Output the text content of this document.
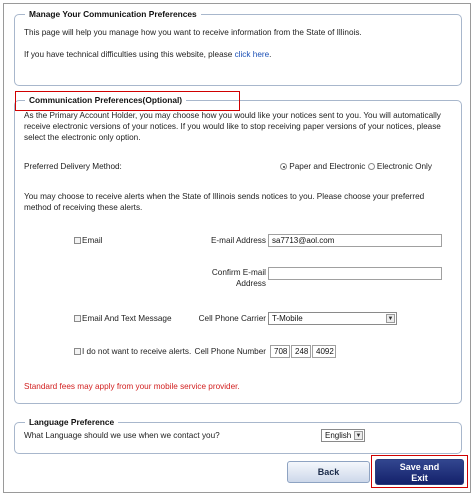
Manage Your Communication Preferences
This page will help you manage how you want to receive information from the State of Illinois.
If you have technical difficulties using this website, please click here.
Communication Preferences(Optional)
As the Primary Account Holder, you may choose how you would like your notices sent to you. You will automatically receive electronic versions of your notices. If you would like to stop receiving paper versions of your notices, please select the electronic only option.
Preferred Delivery Method:	Paper and Electronic Electronic Only
You may choose to receive alerts when the State of Illinois sends notices to you. Please choose your preferred method of receiving these alerts.
Email	E-mail Address sa7713@aol.com
Confirm E-mail
Address
Email And Text Message	Cell Phone Carrier T-Mobile	▼
I do not want to receive alerts. Cell Phone Number	708 248 4092
Standard fees may apply from your mobile service provider.
Language Preference
What Language should we use when we contact you?	English ▼
Back	Save and
Exit
